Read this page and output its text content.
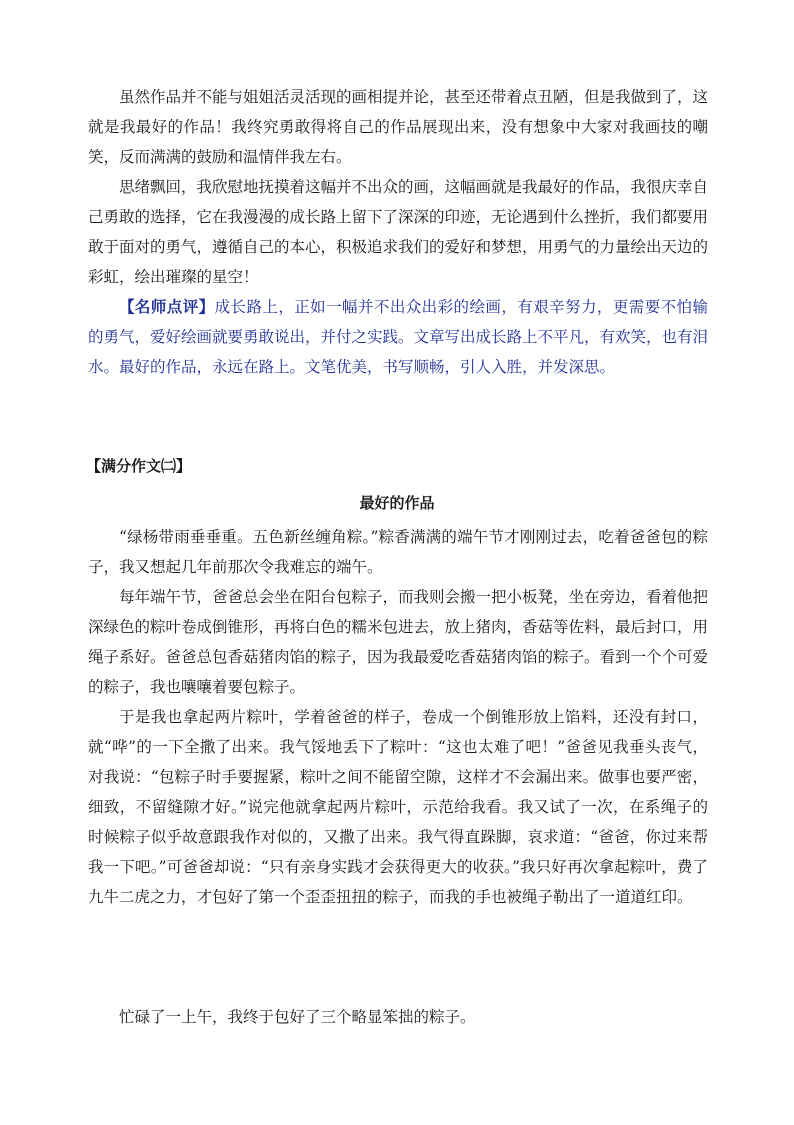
虽然作品并不能与姐姐活灵活现的画相提并论，甚至还带着点丑陋，但是我做到了，这就是我最好的作品！我终究勇敢得将自己的作品展现出来，没有想象中大家对我画技的嘲笑，反而满满的鼓励和温情伴我左右。

思绪飘回，我欣慰地抚摸着这幅并不出众的画，这幅画就是我最好的作品，我很庆幸自己勇敢的选择，它在我漫漫的成长路上留下了深深的印迹，无论遇到什么挫折，我们都要用敢于面对的勇气，遵循自己的本心，积极追求我们的爱好和梦想，用勇气的力量绘出天边的彩虹，绘出璀璨的星空！

【名师点评】成长路上，正如一幅并不出众出彩的绘画，有艰辛努力，更需要不怕输的勇气，爱好绘画就要勇敢说出，并付之实践。文章写出成长路上不平凡，有欢笑，也有泪水。最好的作品，永远在路上。文笔优美，书写顺畅，引人入胜，并发深思。

【满分作文㈡】
最好的作品

“绿杨带雨垂垂重。五色新丝缠角粽。”粽香满满的端午节才刚刚过去，吃着爸爸包的粽子，我又想起几年前那次令我难忘的端午。

每年端午节，爸爸总会坐在阳台包粽子，而我则会搬一把小板凳，坐在旁边，看着他把深绿色的粽叶卷成倒锥形，再将白色的糯米包进去，放上猪肉，香菇等佐料，最后封口，用绳子系好。爸爸总包香菇猪肉馅的粽子，因为我最爱吃香菇猪肉馅的粽子。看到一个个可爱的粽子，我也嚷嚷着要包粽子。

于是我也拿起两片粽叶，学着爸爸的样子，卷成一个倒锥形放上馅料，还没有封口，就“哗”的一下全撒了出来。我气馁地丢下了粽叶：“这也太难了吧！”爸爸见我垂头丧气，对我说：“包粽子时手要握紧，粽叶之间不能留空隙，这样才不会漏出来。做事也要严密，细致，不留缝隙才好。”说完他就拿起两片粽叶，示范给我看。我又试了一次，在系绳子的时候粽子似乎故意跟我作对似的，又撒了出来。我气得直跺脚，哀求道：“爸爸，你过来帮我一下吧。”可爸爸却说：“只有亲身实践才会获得更大的收获。”我只好再次拿起粽叶，费了九牛二虎之力，才包好了第一个歪歪扭扭的粽子，而我的手也被绳子勒出了一道道红印。

忙碌了一上午，我终于包好了三个略显笨拙的粽子。
